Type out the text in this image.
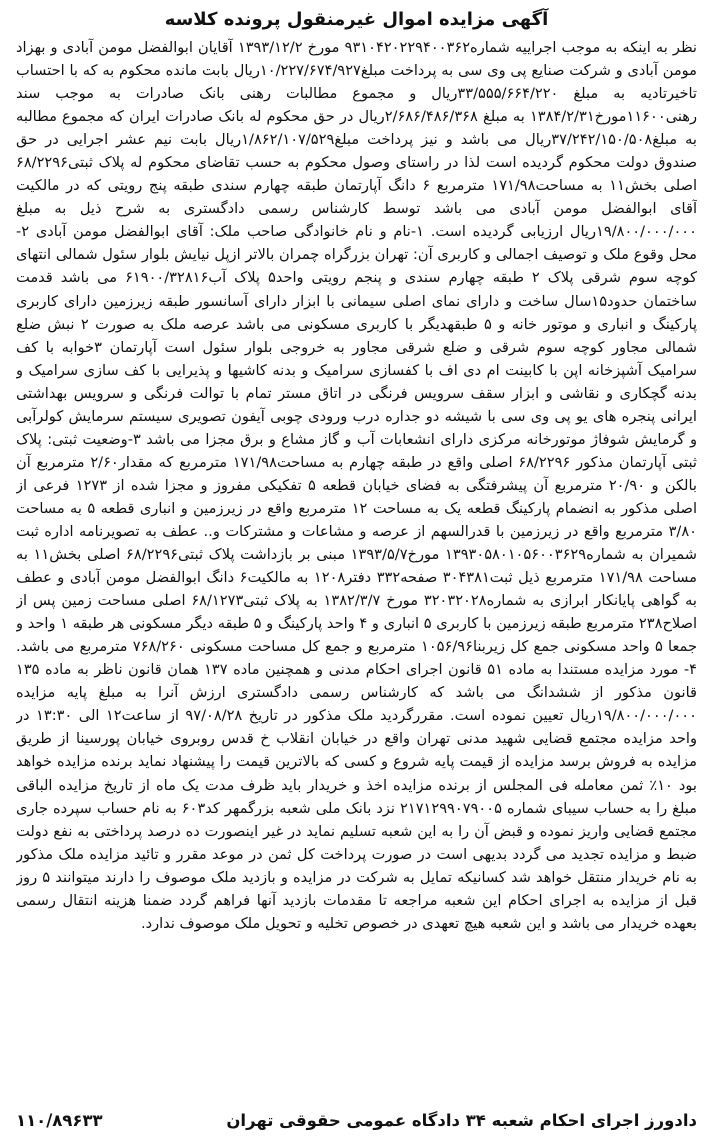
آگهی مزایده اموال غیرمنقول پرونده کلاسه
نظر به اینکه به موجب اجراییه شماره۹۳۱۰۴۲۰۲۲۹۴۰۰۳۶۲ مورخ ۱۳۹۳/۱۲/۲ آقایان ابوالفضل مومن آبادی و بهزاد مومن آبادی و شرکت صنایع پی وی سی به پرداخت مبلغ۱۰/۲۲۷/۶۷۴/۹۲۷ریال بابت مانده محکوم به که با احتساب تاخیرتادیه به مبلغ ۳۳/۵۵۵/۶۶۴/۲۲۰ریال و مجموع مطالبات رهنی بانک صادرات به موجب سند رهنی۱۱۶۰۰مورخ۱۳۸۴/۲/۳۱ به مبلغ ۲/۶۸۶/۴۸۶/۳۶۸ریال در حق محکوم له بانک صادرات ایران که مجموع مطالبه به مبلغ۳۷/۲۴۲/۱۵۰/۵۰۸ریال می باشد و نیز پرداخت مبلغ۱/۸۶۲/۱۰۷/۵۲۹ریال بابت نیم عشر اجرایی در حق صندوق دولت محکوم گردیده است لذا در راستای وصول محکوم به حسب تقاضای محکوم له پلاک ثبتی۶۸/۲۲۹۶ اصلی بخش۱۱ به مساحت۱۷۱/۹۸ مترمربع ۶ دانگ آپارتمان طبقه چهارم سندی طبقه پنج رویتی که در مالکیت آقای ابوالفضل مومن آبادی می باشد توسط کارشناس رسمی دادگستری به شرح ذیل به مبلغ ۱۹/۸۰۰/۰۰۰/۰۰۰ریال ارزیابی گردیده است. ۱-نام و نام خانوادگی صاحب ملک: آقای ابوالفضل مومن آبادی ۲- محل وقوع ملک و توصیف اجمالی و کاربری آن: تهران بزرگراه چمران بالاتر ازپل نیایش بلوار سئول شمالی انتهای کوچه سوم شرقی پلاک ۲ طبقه چهارم سندی و پنجم رویتی واحد۵ پلاک آب۶۱۹۰۰/۳۲۸۱۶ می باشد قدمت ساختمان حدود۱۵سال ساخت و دارای نمای اصلی سیمانی با ابزار دارای آسانسور طبقه زیرزمین دارای کاربری پارکینگ و انباری و موتور خانه و ۵ طبقهدیگر با کاربری مسکونی می باشد عرصه ملک به صورت ۲ نبش ضلع شمالی مجاور کوچه سوم شرقی و ضلع شرقی مجاور به خروجی بلوار سئول است آپارتمان ۳خوابه با کف سرامیک آشپزخانه اپن با کابینت ام دی اف با کفسازی سرامیک و بدنه کاشیها و پذیرایی با کف سازی سرامیک و بدنه گچکاری و نقاشی و ابزار سقف سرویس فرنگی در اتاق مستر تمام با توالت فرنگی و سرویس بهداشتی ایرانی پنجره های یو پی وی سی با شیشه دو جداره درب ورودی چوبی آیفون تصویری سیستم سرمایش کولرآبی و گرمایش شوفاژ موتورخانه مرکزی دارای انشعابات آب و گاز مشاع و برق مجزا می باشد ۳-وضعیت ثبتی: پلاک ثبتی آپارتمان مذکور ۶۸/۲۲۹۶ اصلی واقع در طبقه چهارم به مساحت۱۷۱/۹۸ مترمربع که مقدار۲/۶۰ مترمربع آن بالکن و ۲۰/۹۰ مترمربع آن پیشرفتگی به فضای خیابان قطعه ۵ تفکیکی مفروز و مجزا شده از ۱۲۷۳ فرعی از اصلی مذکور به انضمام پارکینگ قطعه یک به مساحت ۱۲ مترمربع واقع در زیرزمین و انباری قطعه ۵ به مساحت ۳/۸۰ مترمربع واقع در زیرزمین با قدرالسهم از عرصه و مشاعات و مشترکات و.. عطف به تصویرنامه اداره ثبت شمیران به شماره۱۳۹۳۰۵۸۰۱۰۵۶۰۰۳۶۲۹ مورخ۱۳۹۳/۵/۷ مبنی بر بازداشت پلاک ثبتی۶۸/۲۲۹۶ اصلی بخش۱۱ به مساحت ۱۷۱/۹۸ مترمربع ذیل ثبت۳۰۴۳۸۱ صفحه۳۳۲ دفتر۱۲۰۸ به مالکیت۶ دانگ ابوالفضل مومن آبادی و عطف به گواهی پایانکار ابرازی به شماره۳۲۰۳۲۰۲۸ مورخ ۱۳۸۲/۳/۷ به پلاک ثبتی۶۸/۱۲۷۳ اصلی مساحت زمین پس از اصلاح۲۳۸ مترمربع طبقه زیرزمین با کاربری ۵ انباری و ۴ واحد پارکینگ و ۵ طبقه دیگر مسکونی هر طبقه ۱ واحد و جمعا ۵ واحد مسکونی جمع کل زیربنا۱۰۵۶/۹۶ مترمربع و جمع کل مساحت مسکونی ۷۶۸/۲۶۰ مترمربع می باشد. ۴- مورد مزایده مستندا به ماده ۵۱ قانون اجرای احکام مدنی و همچنین ماده ۱۳۷ همان قانون ناظر به ماده ۱۳۵ قانون مذکور از ششدانگ می باشد که کارشناس رسمی دادگستری ارزش آنرا به مبلغ پایه مزایده ۱۹/۸۰۰/۰۰۰/۰۰۰ریال تعیین نموده است. مقررگردید ملک مذکور در تاریخ ۹۷/۰۸/۲۸ از ساعت۱۲ الی ۱۳:۳۰ در واحد مزایده مجتمع قضایی شهید مدنی تهران واقع در خیابان انقلاب خ قدس روبروی خیابان پورسینا از طریق مزایده به فروش برسد مزایده از قیمت پایه شروع و کسی که بالاترین قیمت را پیشنهاد نماید برنده مزایده خواهد بود ۱۰٪ ثمن معامله فی المجلس از برنده مزایده اخذ و خریدار باید ظرف مدت یک ماه از تاریخ مزایده الباقی مبلغ را به حساب سیبای شماره ۲۱۷۱۲۹۹۰۷۹۰۰۵ نزد بانک ملی شعبه بزرگمهر کد۶۰۳ به نام حساب سپرده جاری مجتمع قضایی واریز نموده و قبض آن را به این شعبه تسلیم نماید در غیر اینصورت ده درصد پرداختی به نفع دولت ضبط و مزایده تجدید می گردد بدیهی است در صورت پرداخت کل ثمن در موعد مقرر و تائید مزایده ملک مذکور به نام خریدار منتقل خواهد شد کسانیکه تمایل به شرکت در مزایده و بازدید ملک موصوف را دارند میتوانند ۵ روز قبل از مزایده به اجرای احکام این شعبه مراجعه تا مقدمات بازدید آنها فراهم گردد ضمنا هزینه انتقال رسمی بعهده خریدار می باشد و این شعبه هیچ تعهدی در خصوص تخلیه و تحویل ملک موصوف ندارد.
دادورز اجرای احکام شعبه ۳۴ دادگاه عمومی حقوقی تهران
۱۱۰/۸۹۶۳۳
